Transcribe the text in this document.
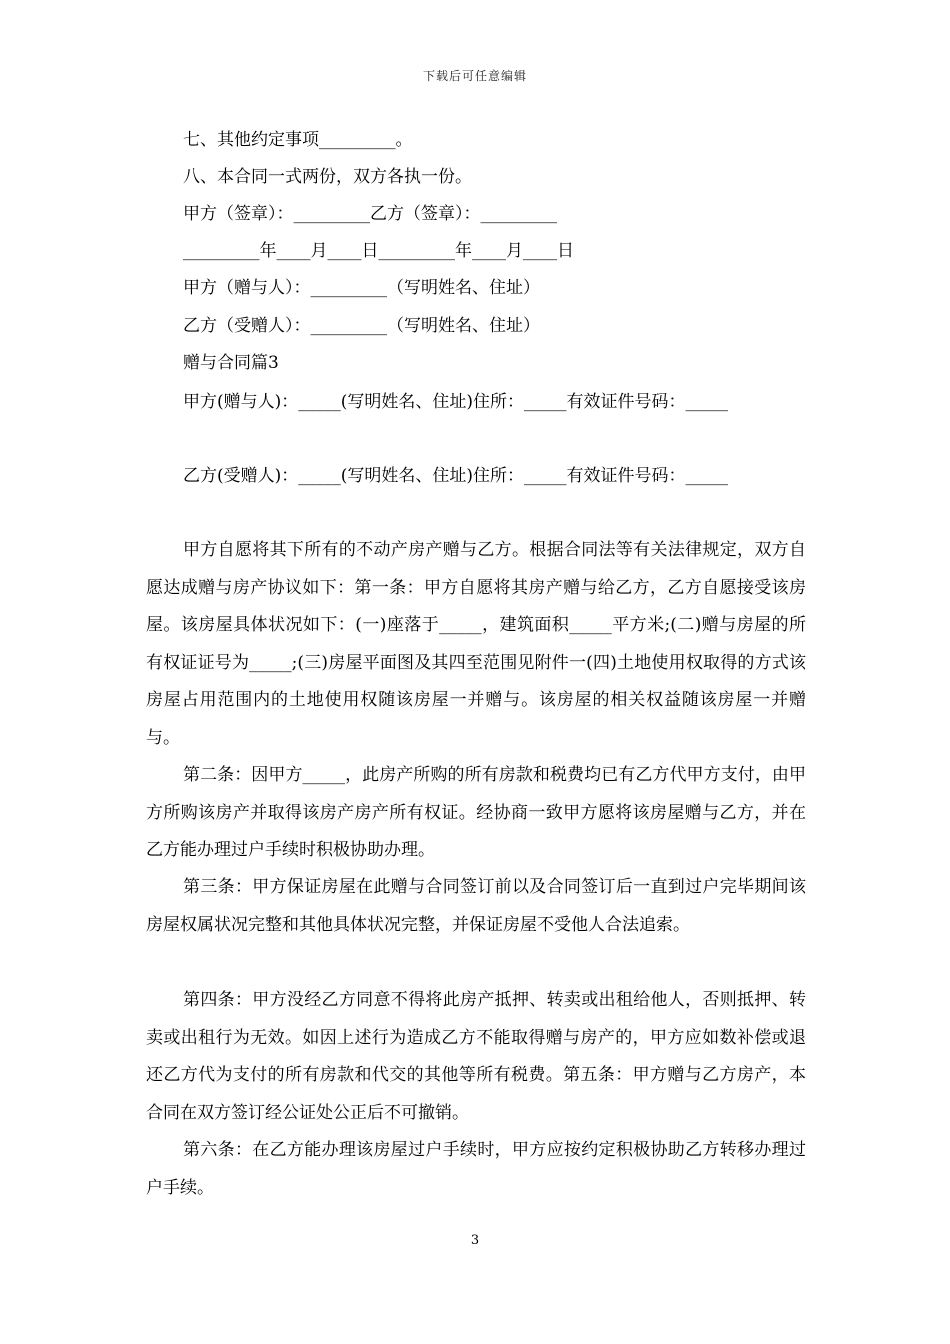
下载后可任意编辑
七、其他约定事项_________。
八、本合同一式两份，双方各执一份。
甲方（签章）：_________乙方（签章）：_________
_________年____月____日_________年____月____日
甲方（赠与人）：_________（写明姓名、住址）
乙方（受赠人）：_________（写明姓名、住址）
赠与合同篇3
甲方(赠与人)：_____(写明姓名、住址)住所：_____有效证件号码：_____
乙方(受赠人)：_____(写明姓名、住址)住所：_____有效证件号码：_____

甲方自愿将其下所有的不动产房产赠与乙方。根据合同法等有关法律规定，双方自愿达成赠与房产协议如下：第一条：甲方自愿将其房产赠与给乙方，乙方自愿接受该房屋。该房屋具体状况如下：(一)座落于_____，建筑面积_____平方米;(二)赠与房屋的所有权证证号为_____;(三)房屋平面图及其四至范围见附件一(四)土地使用权取得的方式该房屋占用范围内的土地使用权随该房屋一并赠与。该房屋的相关权益随该房屋一并赠与。

第二条：因甲方_____，此房产所购的所有房款和税费均已有乙方代甲方支付，由甲方所购该房产并取得该房产房产所有权证。经协商一致甲方愿将该房屋赠与乙方，并在乙方能办理过户手续时积极协助办理。

第三条：甲方保证房屋在此赠与合同签订前以及合同签订后一直到过户完毕期间该房屋权属状况完整和其他具体状况完整，并保证房屋不受他人合法追索。

第四条：甲方没经乙方同意不得将此房产抵押、转卖或出租给他人，否则抵押、转卖或出租行为无效。如因上述行为造成乙方不能取得赠与房产的，甲方应如数补偿或退还乙方代为支付的所有房款和代交的其他等所有税费。第五条：甲方赠与乙方房产，本合同在双方签订经公证处公正后不可撤销。

第六条：在乙方能办理该房屋过户手续时，甲方应按约定积极协助乙方转移办理过户手续。

3
